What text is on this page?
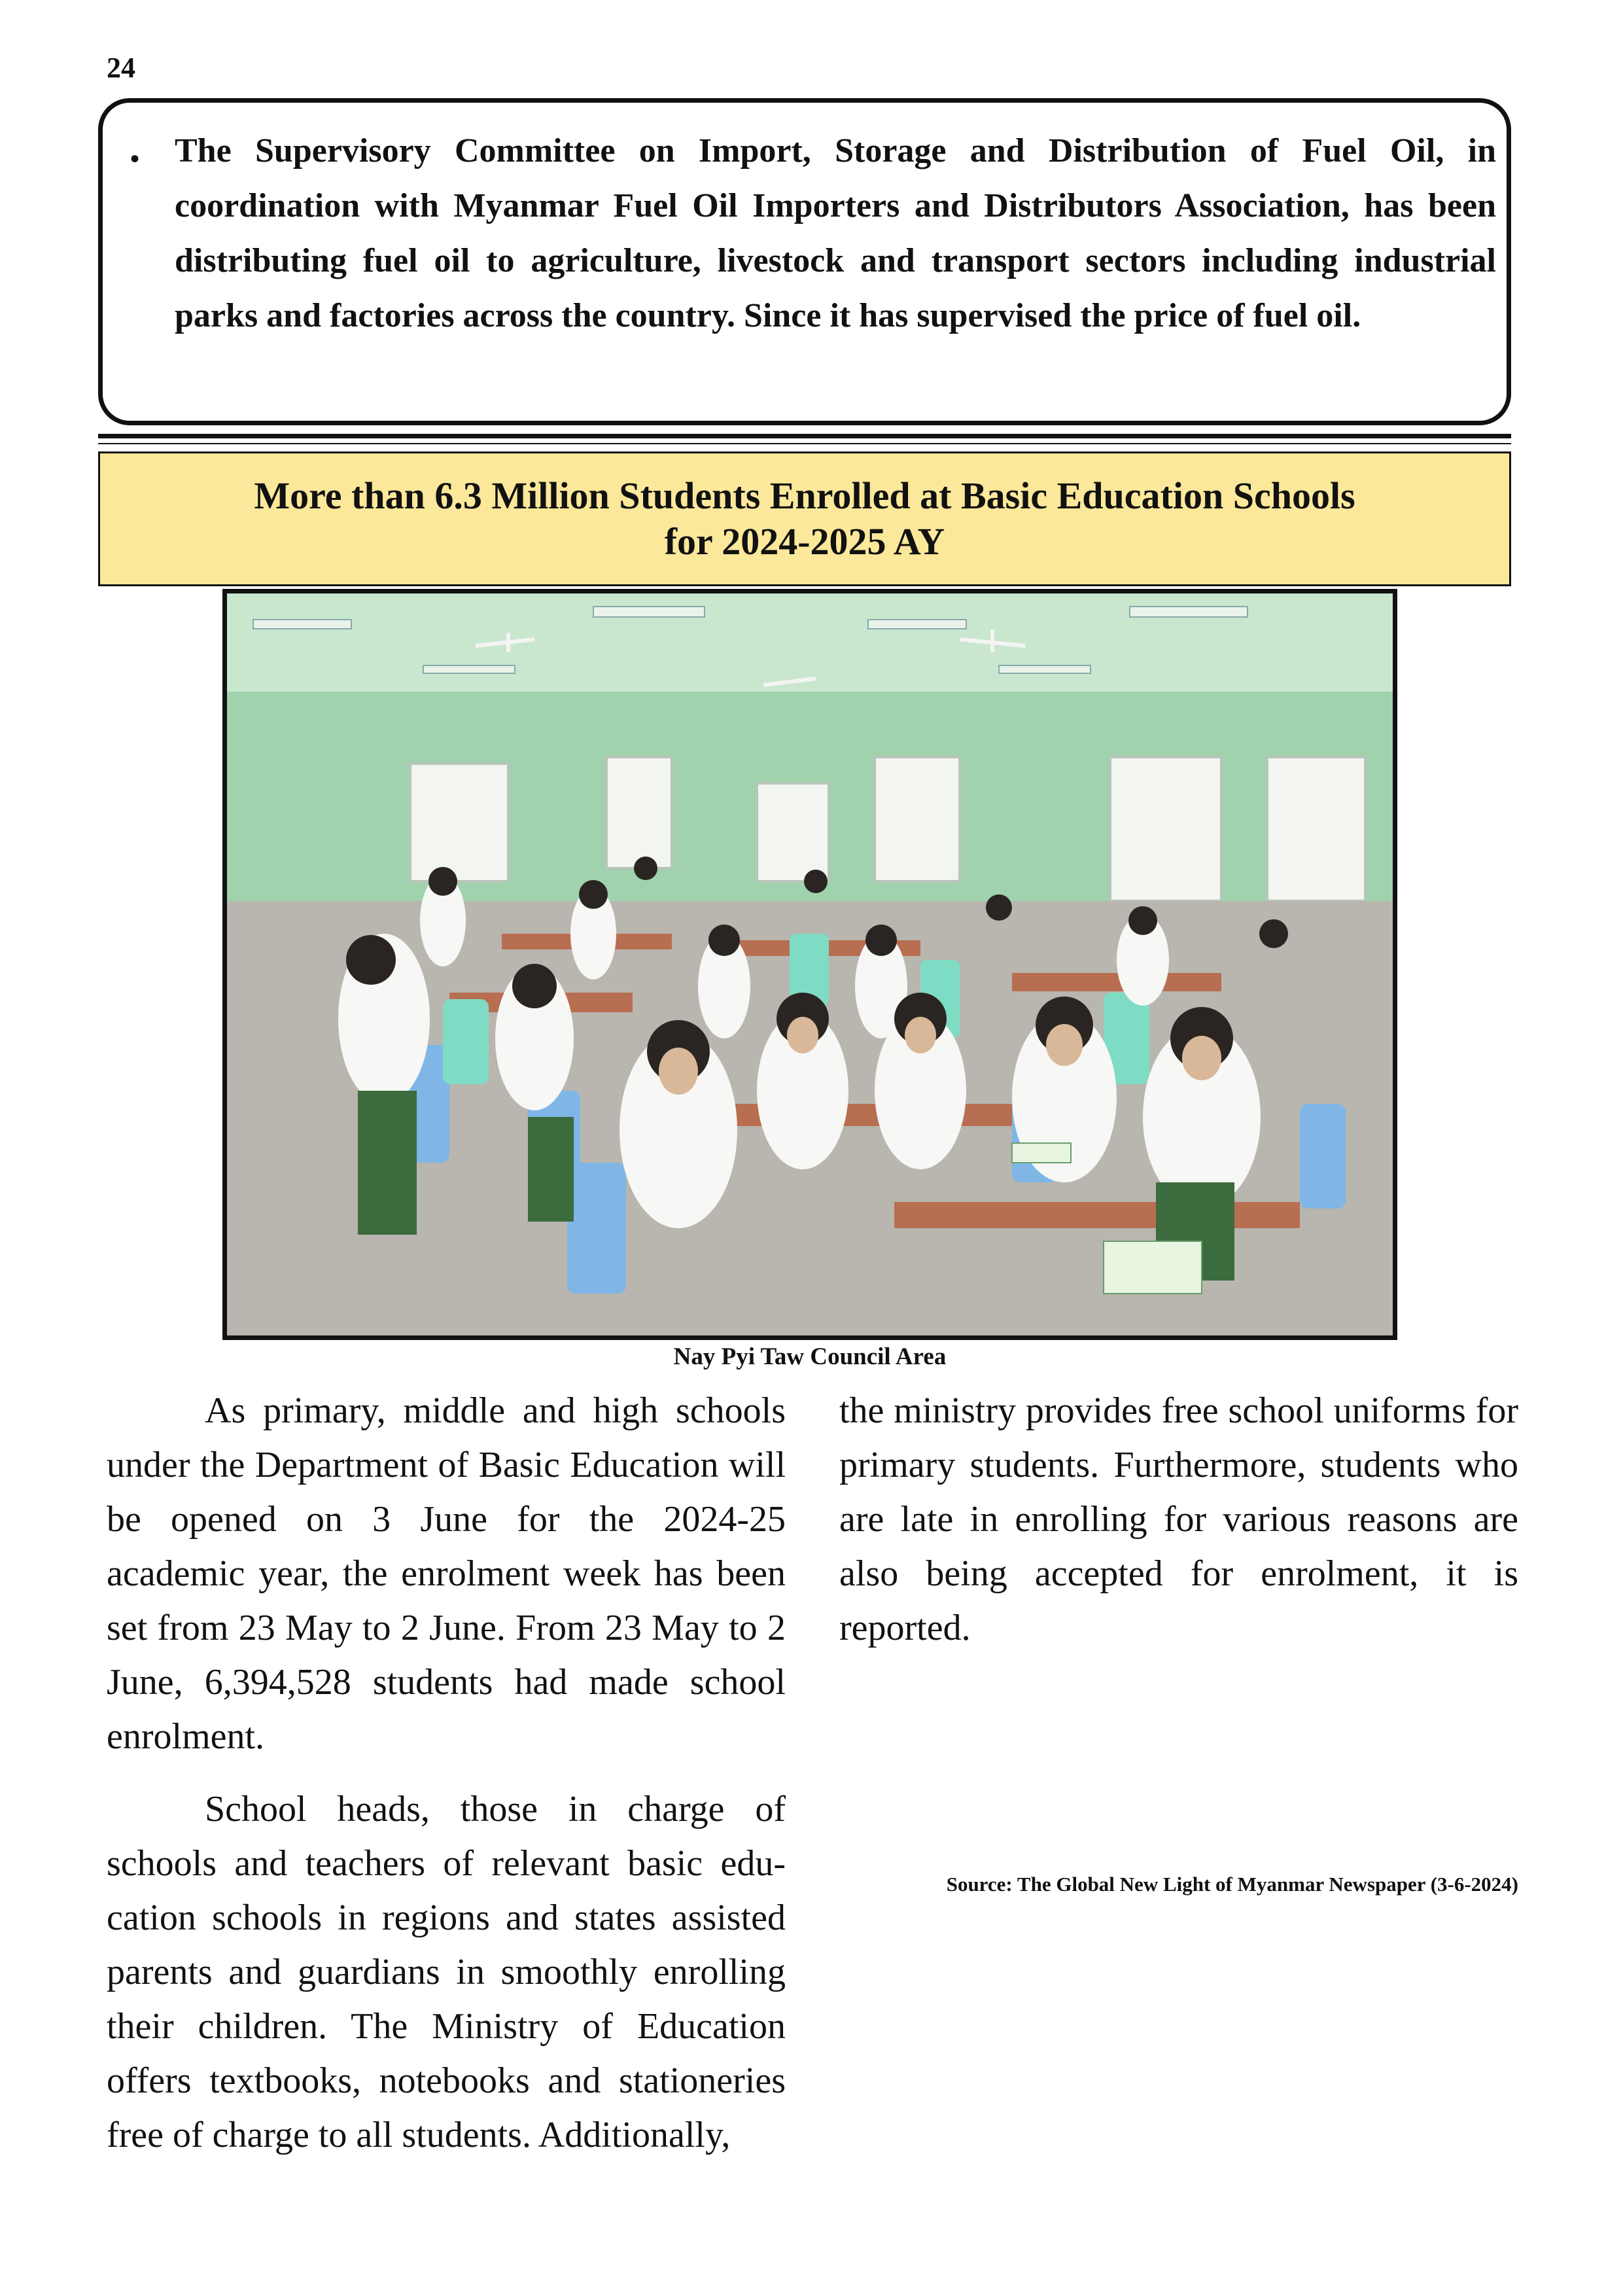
24
• The Supervisory Committee on Import, Storage and Distribution of Fuel Oil, in coordination with Myanmar Fuel Oil Importers and Distributors Association, has been distributing fuel oil to agriculture, livestock and transport sectors including industrial parks and factories across the country. Since it has supervised the price of fuel oil.
More than 6.3 Million Students Enrolled at Basic Education Schools
for 2024-2025 AY
Nay Pyi Taw Council Area

As primary, middle and high schools under the Department of Basic Education will be opened on 3 June for the 2024-25 academic year, the enrolment week has been set from 23 May to 2 June. From 23 May to 2 June, 6,394,528 students had made school enrolment.

School heads, those in charge of schools and teachers of relevant basic edu-cation schools in regions and states assisted parents and guardians in smoothly enrolling their children. The Ministry of Education offers textbooks, notebooks and stationeries free of charge to all students. Additionally,

the ministry provides free school uniforms for primary students. Furthermore, students who are late in enrolling for various reasons are also being accepted for enrolment, it is reported.

Source: The Global New Light of Myanmar Newspaper (3-6-2024)
